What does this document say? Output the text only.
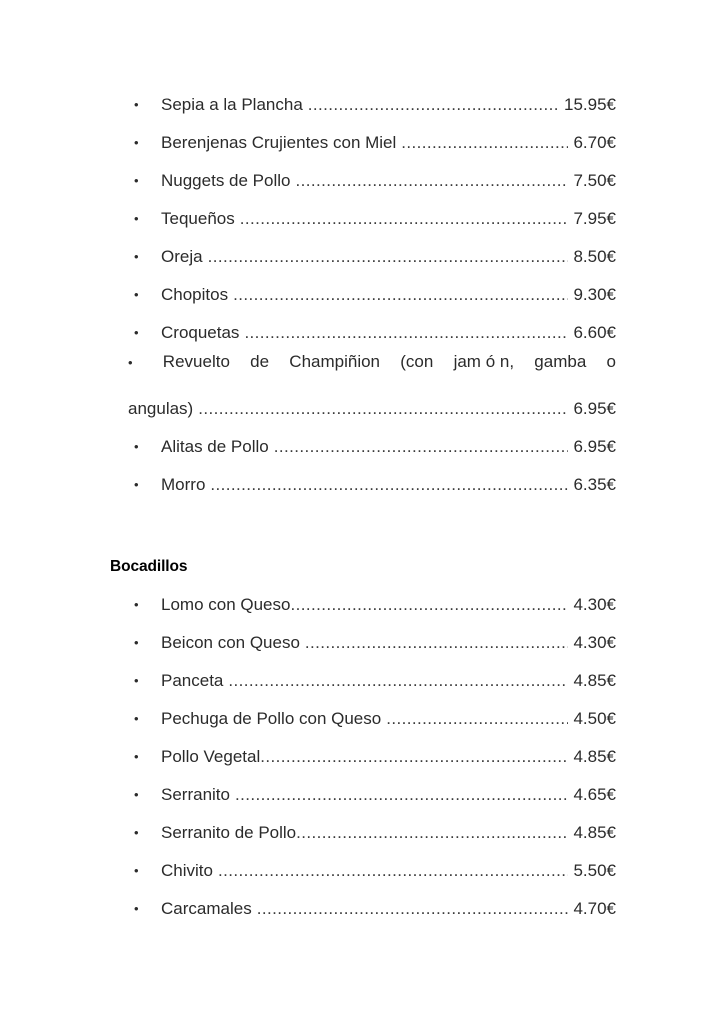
• Sepia a la Plancha .....	15.95€
• Berenjenas Crujientes con Miel .....	6.70€
• Nuggets de Pollo .....	7.50€
• Tequeños .....	7.95€
• Oreja .....	8.50€
• Chopitos .....	9.30€
• Croquetas .....	6.60€
• Revuelto de Champiñion (con jam ó n, gamba o
angulas) .....	6.95€
• Alitas de Pollo .....	6.95€
• Morro .....	6.35€
Bocadillos
• Lomo con Queso .....	4.30€
• Beicon con Queso .....	4.30€
• Panceta .....	4.85€
• Pechuga de Pollo con Queso .....	4.50€
• Pollo Vegetal .....	4.85€
• Serranito .....	4.65€
• Serranito de Pollo .....	4.85€
• Chivito .....	5.50€
• Carcamales .....	4.70€
